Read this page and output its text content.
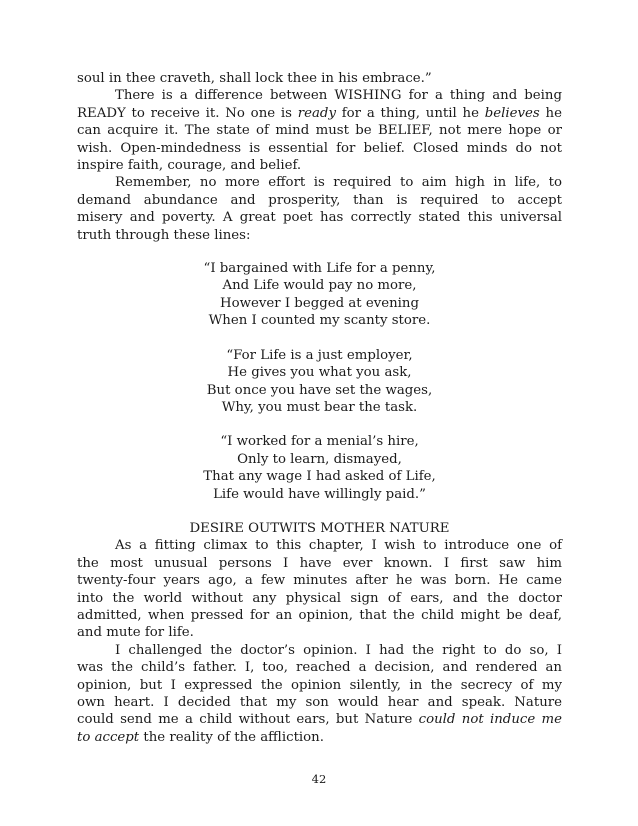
soul in thee craveth, shall lock thee in his embrace.”

There is a difference between WISHING for a thing and being
READY to receive it. No one is ready for a thing, until he believes he
can acquire it. The state of mind must be BELIEF, not mere hope or
wish. Open-mindedness is essential for belief. Closed minds do not
inspire faith, courage, and belief.

Remember, no more effort is required to aim high in life, to
demand abundance and prosperity, than is required to accept
misery and poverty. A great poet has correctly stated this universal
truth through these lines:

“I bargained with Life for a penny,
And Life would pay no more,
However I begged at evening
When I counted my scanty store.
“For Life is a just employer,
He gives you what you ask,
But once you have set the wages,
Why, you must bear the task.
“I worked for a menial’s hire,
Only to learn, dismayed,
That any wage I had asked of Life,
Life would have willingly paid.”
DESIRE OUTWITS MOTHER NATURE

As a fitting climax to this chapter, I wish to introduce one of
the most unusual persons I have ever known. I first saw him
twenty-four years ago, a few minutes after he was born. He came
into the world without any physical sign of ears, and the doctor
admitted, when pressed for an opinion, that the child might be deaf,
and mute for life.

I challenged the doctor’s opinion. I had the right to do so, I
was the child’s father. I, too, reached a decision, and rendered an
opinion, but I expressed the opinion silently, in the secrecy of my
own heart. I decided that my son would hear and speak. Nature
could send me a child without ears, but Nature could not induce me
to accept the reality of the affliction.

42
